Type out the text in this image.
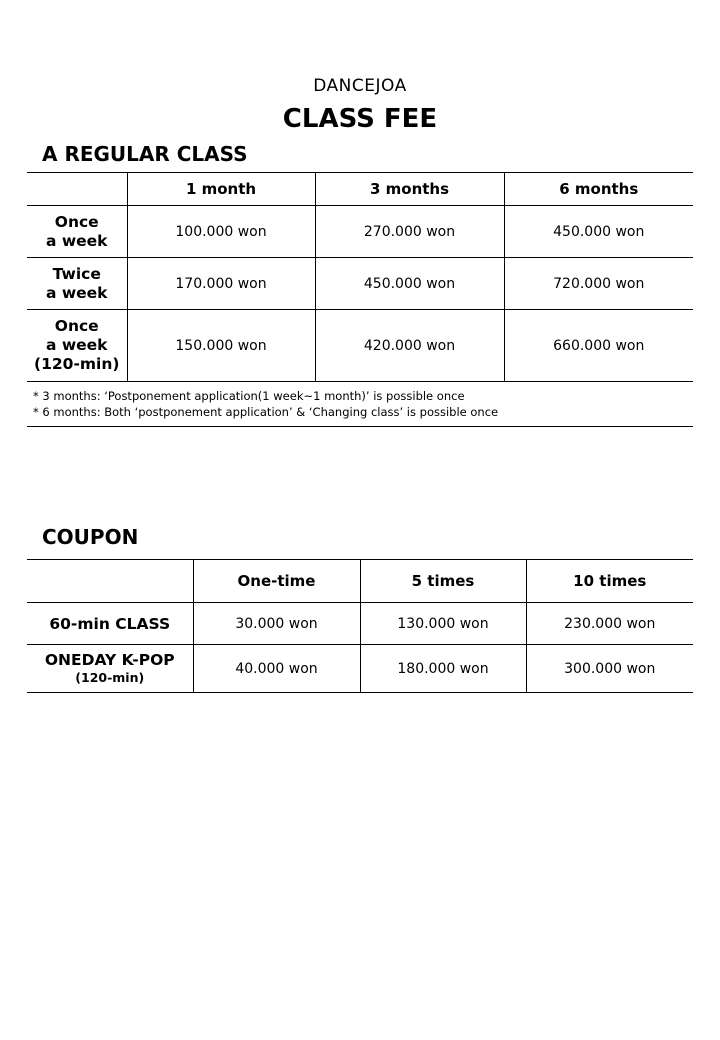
DANCEJOA
CLASS FEE
A REGULAR CLASS
	1 month	3 months	6 months

Once
a week	100.000 won	270.000 won	450.000 won

Twice
a week	170.000 won	450.000 won	720.000 won

Once
a week
(120-min)	150.000 won	420.000 won	660.000 won

* 3 months: ‘Postponement application(1 week~1 month)’ is possible once
* 6 months: Both ‘postponement application’ & ‘Changing class’ is possible once			
COUPON
	One-time	5 times	10 times
60-min CLASS	30.000 won	130.000 won	230.000 won

ONEDAY K-POP
(120-min)	40.000 won	180.000 won	300.000 won
